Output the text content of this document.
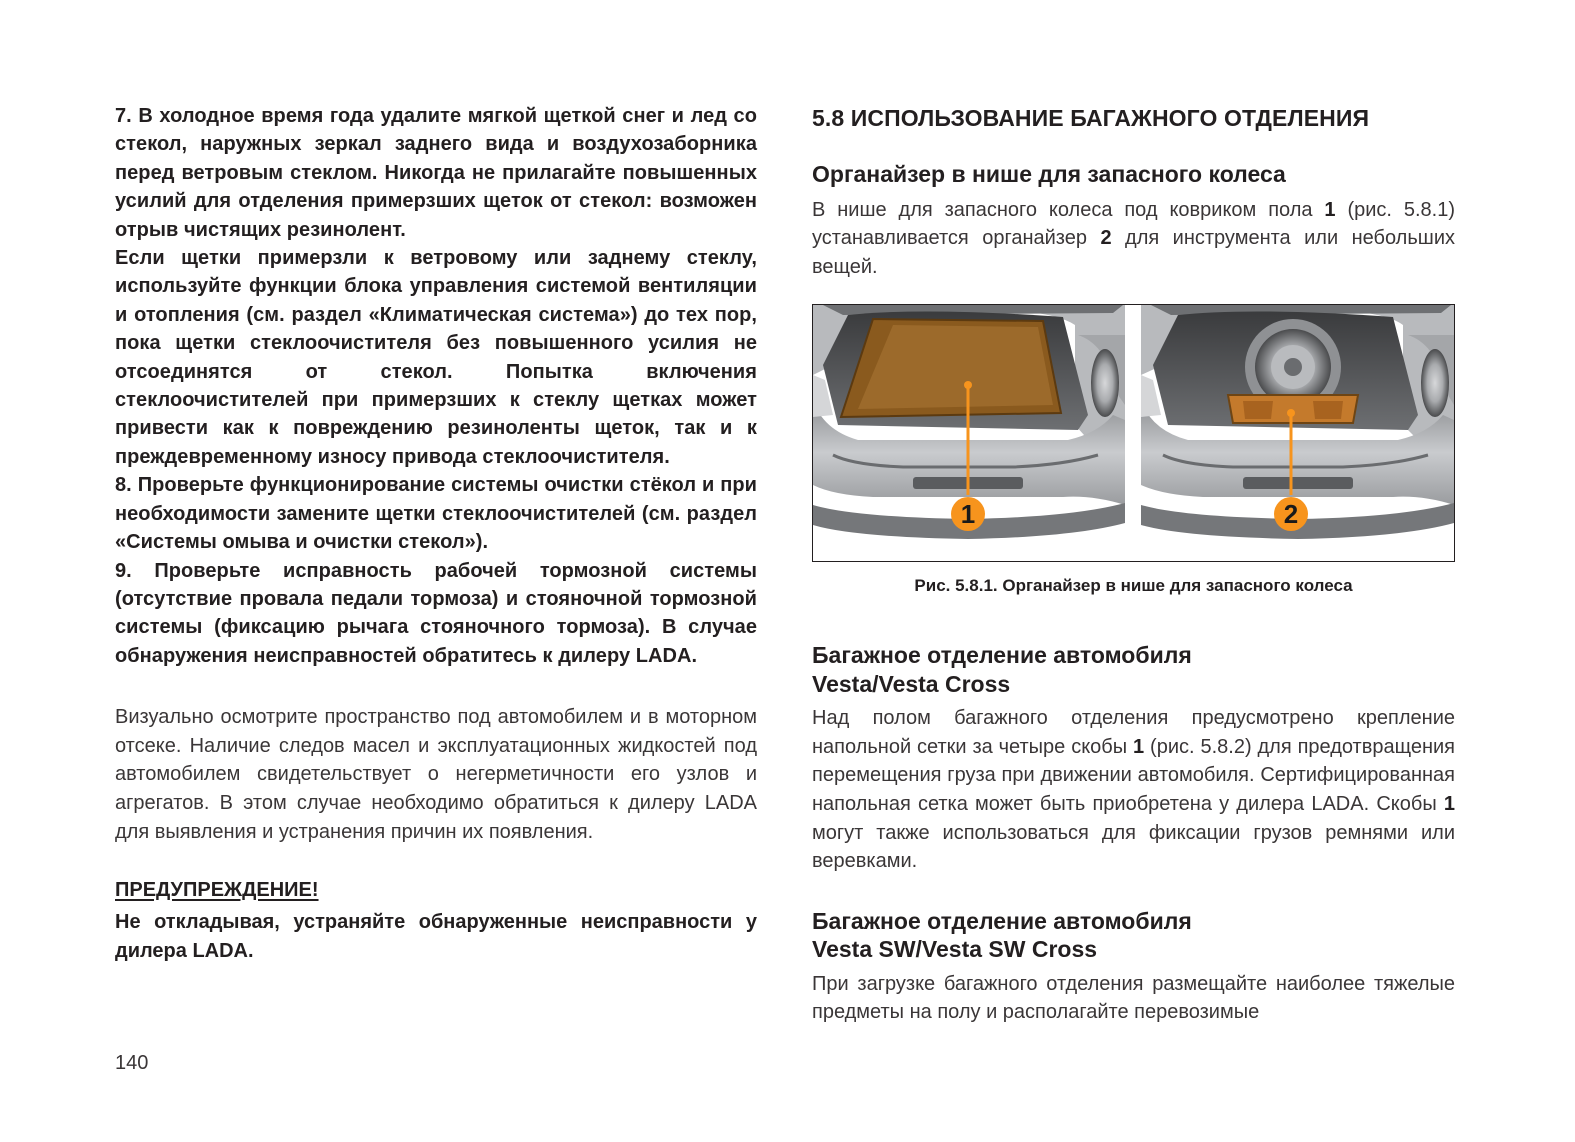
7. В холодное время года удалите мягкой щеткой снег и лед со стекол, наружных зеркал заднего вида и воздухозаборника перед ветровым стеклом. Никогда не прилагайте повышенных усилий для отделения примерзших щеток от стекол: возможен отрыв чистящих резинолент.

Если щетки примерзли к ветровому или заднему стеклу, используйте функции блока управления системой вентиляции и отопления (см. раздел «Климатическая система») до тех пор, пока щетки стеклоочистителя без повышенного усилия не отсоединятся от стекол. Попытка включения стеклоочистителей при примерзших к стеклу щетках может привести как к повреждению резиноленты щеток, так и к преждевременному износу привода стеклоочистителя.

8. Проверьте функционирование системы очистки стёкол и при необходимости замените щетки стеклоочистителей (см. раздел «Системы омыва и очистки стекол»).

9. Проверьте исправность рабочей тормозной системы (отсутствие провала педали тормоза) и стояночной тормозной системы (фиксацию рычага стояночного тормоза). В случае обнаружения неисправностей обратитесь к дилеру LADA.

Визуально осмотрите пространство под автомобилем и в моторном отсеке. Наличие следов масел и эксплуатационных жидкостей под автомобилем свидетельствует о негерметичности его узлов и агрегатов. В этом случае необходимо обратиться к дилеру LADA для выявления и устранения причин их появления.

ПРЕДУПРЕЖДЕНИЕ!

Не откладывая, устраняйте обнаруженные неисправности у дилера LADA.

140
5.8 ИСПОЛЬЗОВАНИЕ БАГАЖНОГО ОТДЕЛЕНИЯ
Органайзер в нише для запасного колеса

В нише для запасного колеса под ковриком пола 1 (рис. 5.8.1) устанавливается органайзер 2 для инструмента или небольших вещей.

1	2

Рис. 5.8.1. Органайзер в нише для запасного колеса

Багажное отделение автомобиля
Vesta/Vesta Cross

Над полом багажного отделения предусмотрено крепление напольной сетки за четыре скобы 1 (рис. 5.8.2) для предотвращения перемещения груза при движении автомобиля. Сертифицированная напольная сетка может быть приобретена у дилера LADA. Скобы 1 могут также использоваться для фиксации грузов ремнями или веревками.

Багажное отделение автомобиля
Vesta SW/Vesta SW Cross

При загрузке багажного отделения размещайте наиболее тяжелые предметы на полу и располагайте перевозимые
